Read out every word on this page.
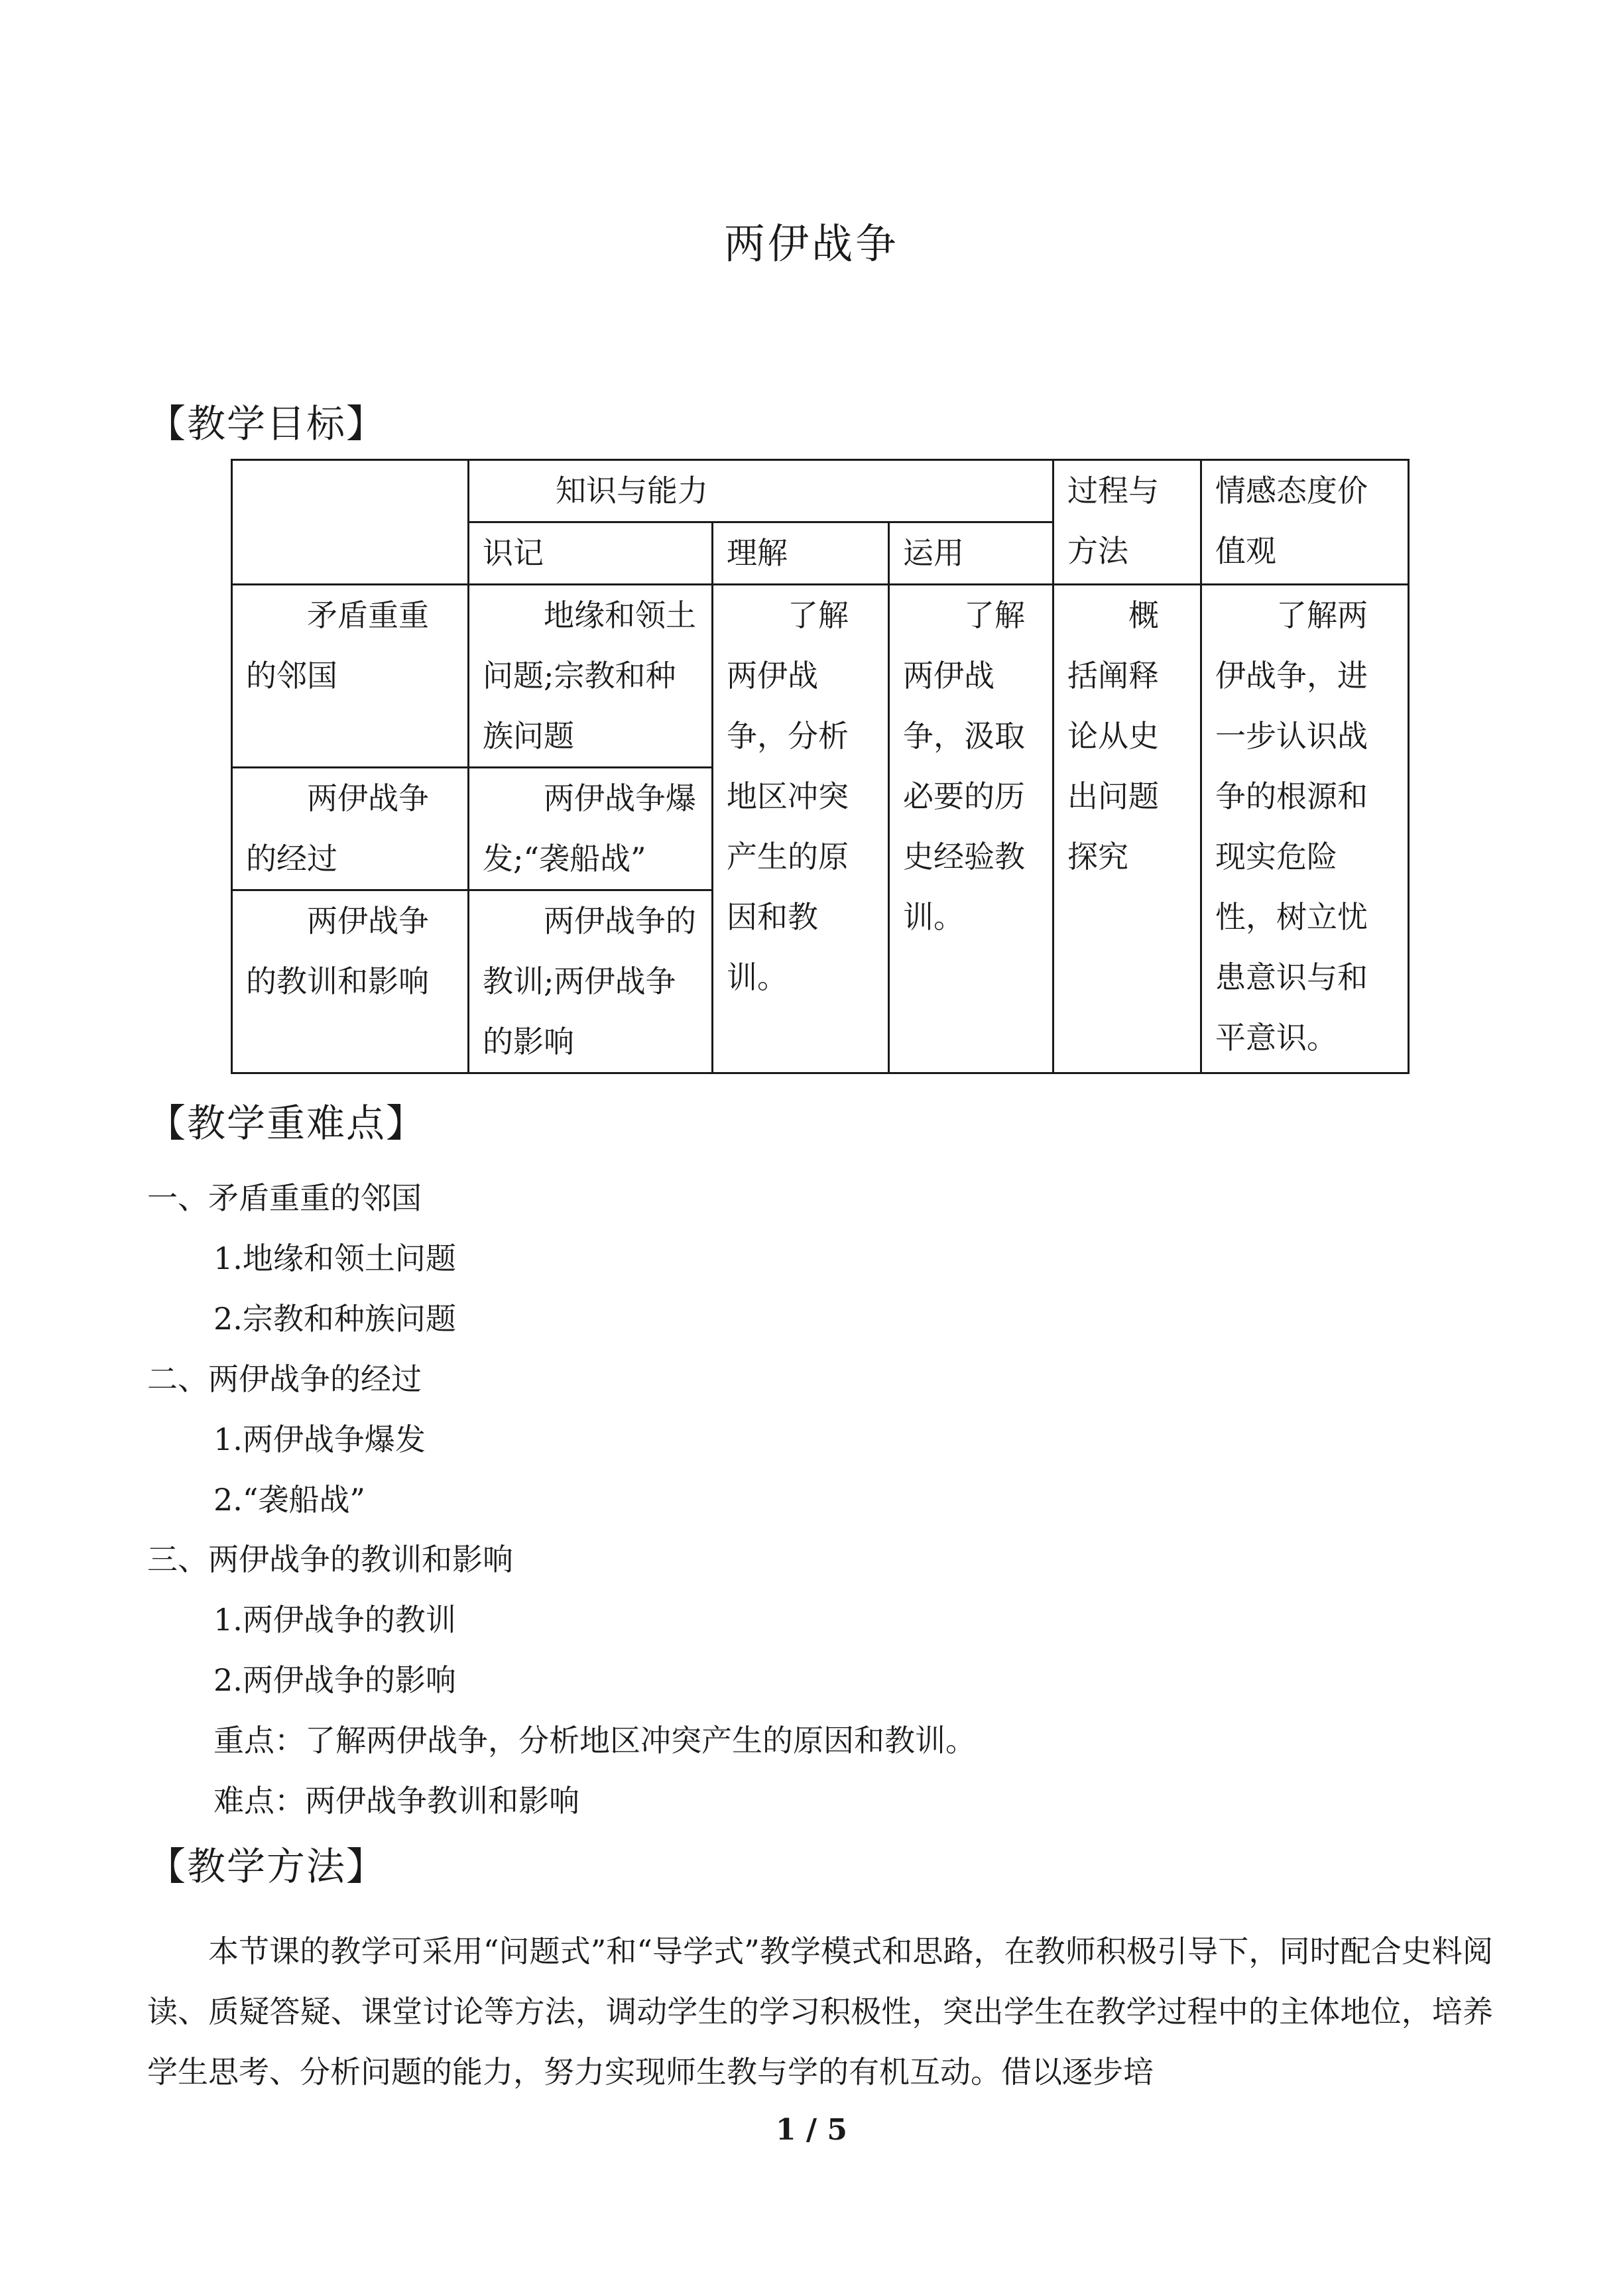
两伊战争
【教学目标】
	知识与能力			过程与方法	情感态度价值观
	识记	理解	运用		
矛盾重重的邻国	地缘和领土问题;宗教和种族问题	了解两伊战争，分析地区冲突产生的原因和教训。	了解两伊战争，汲取必要的历史经验教训。	概括阐释论从史出问题探究	了解两伊战争，进一步认识战争的根源和现实危险性，树立忧患意识与和平意识。
两伊战争的经过	两伊战争爆发;“袭船战”				
两伊战争的教训和影响	两伊战争的教训;两伊战争的影响				
【教学重难点】
一、矛盾重重的邻国
1.地缘和领土问题
2.宗教和种族问题
二、两伊战争的经过
1.两伊战争爆发
2.“袭船战”
三、两伊战争的教训和影响
1.两伊战争的教训
2.两伊战争的影响
重点：了解两伊战争，分析地区冲突产生的原因和教训。
难点：两伊战争教训和影响
【教学方法】
本节课的教学可采用“问题式”和“导学式”教学模式和思路，在教师积极引导下，同时配合史料阅读、质疑答疑、课堂讨论等方法，调动学生的学习积极性，突出学生在教学过程中的主体地位，培养学生思考、分析问题的能力，努力实现师生教与学的有机互动。借以逐步培
1 / 5
